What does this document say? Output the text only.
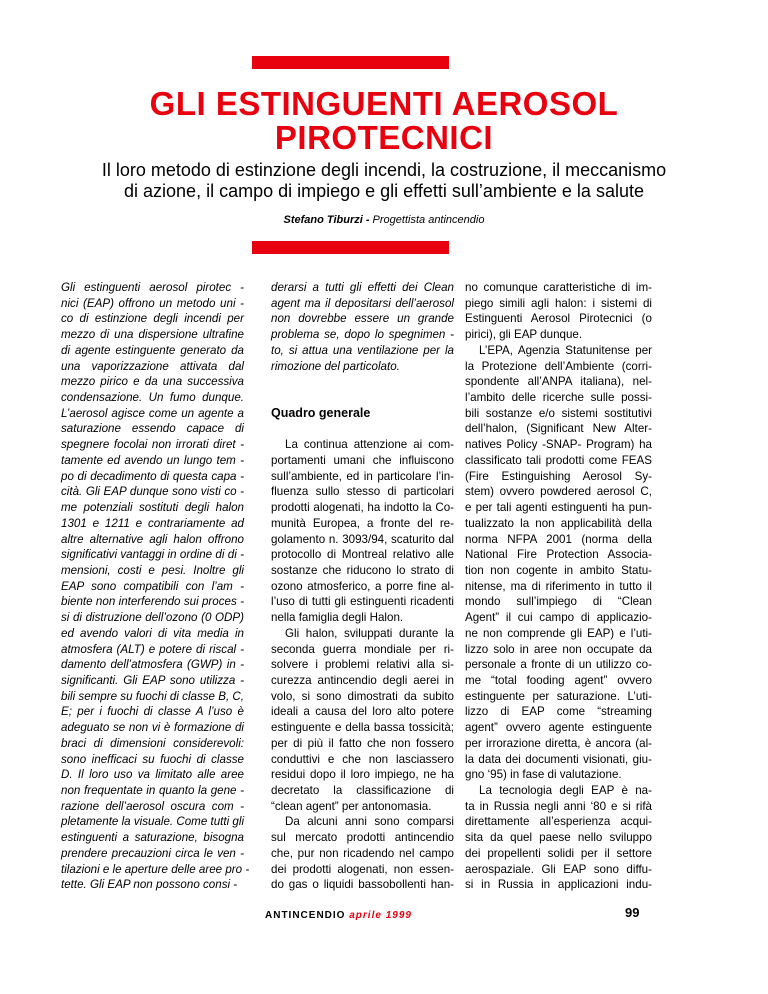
GLI ESTINGUENTI AEROSOL
PIROTECNICI

Il loro metodo di estinzione degli incendi, la costruzione, il meccanismo
di azione, il campo di impiego e gli effetti sull’ambiente e la salute

Stefano Tiburzi - Progettista antincendio
Gli estinguenti aerosol pirotec -
nici (EAP) offrono un metodo uni -
co di estinzione degli incendi per
mezzo di una dispersione ultrafine
di agente estinguente generato da
una vaporizzazione attivata dal
mezzo pirico e da una successiva
condensazione. Un fumo dunque.
L’aerosol agisce come un agente a
saturazione essendo capace di
spegnere focolai non irrorati diret -
tamente ed avendo un lungo tem -
po di decadimento di questa capa -
cità. Gli EAP dunque sono visti co -
me potenziali sostituti degli halon
1301 e 1211 e contrariamente ad
altre alternative agli halon offrono
significativi vantaggi in ordine di di -
mensioni, costi e pesi. Inoltre gli
EAP sono compatibili con l’am -
biente non interferendo sui proces -
si di distruzione dell’ozono (0 ODP)
ed avendo valori di vita media in
atmosfera (ALT) e potere di riscal -
damento dell’atmosfera (GWP) in -
significanti. Gli EAP sono utilizza -
bili sempre su fuochi di classe B, C,
E; per i fuochi di classe A l’uso è
adeguato se non vi è formazione di
braci di dimensioni considerevoli:
sono inefficaci su fuochi di classe
D. Il loro uso va limitato alle aree
non frequentate in quanto la gene -
razione dell’aerosol oscura com -
pletamente la visuale. Come tutti gli
estinguenti a saturazione, bisogna
prendere precauzioni circa le ven -
tilazioni e le aperture delle aree pro -
tette. Gli EAP non possono consi -
derarsi a tutti gli effetti dei Clean
agent ma il depositarsi dell’aerosol
non dovrebbe essere un grande
problema se, dopo lo spegnimen -
to, si attua una ventilazione per la
rimozione del particolato.
Quadro generale
La continua attenzione ai com-
portamenti umani che influiscono
sull’ambiente, ed in particolare l’in-
fluenza sullo stesso di particolari
prodotti alogenati, ha indotto la Co-
munità Europea, a fronte del re-
golamento n. 3093/94, scaturito dal
protocollo di Montreal relativo alle
sostanze che riducono lo strato di
ozono atmosferico, a porre fine al-
l’uso di tutti gli estinguenti ricadenti
nella famiglia degli Halon.
Gli halon, sviluppati durante la
seconda guerra mondiale per ri-
solvere i problemi relativi alla si-
curezza antincendio degli aerei in
volo, si sono dimostrati da subito
ideali a causa del loro alto potere
estinguente e della bassa tossicità;
per di più il fatto che non fossero
conduttivi e che non lasciassero
residui dopo il loro impiego, ne ha
decretato la classificazione di
“clean agent” per antonomasia.
Da alcuni anni sono comparsi
sul mercato prodotti antincendio
che, pur non ricadendo nel campo
dei prodotti alogenati, non essen-
do gas o liquidi bassobollenti han-
no comunque caratteristiche di im-
piego simili agli halon: i sistemi di
Estinguenti Aerosol Pirotecnici (o
pirici), gli EAP dunque.
L’EPA, Agenzia Statunitense per
la Protezione dell’Ambiente (corri-
spondente all’ANPA italiana), nel-
l’ambito delle ricerche sulle possi-
bili sostanze e/o sistemi sostitutivi
dell’halon, (Significant New Alter-
natives Policy -SNAP- Program) ha
classificato tali prodotti come FEAS
(Fire Estinguishing Aerosol Sy-
stem) ovvero powdered aerosol C,
e per tali agenti estinguenti ha pun-
tualizzato la non applicabilità della
norma NFPA 2001 (norma della
National Fire Protection Associa-
tion non cogente in ambito Statu-
nitense, ma di riferimento in tutto il
mondo sull’impiego di “Clean
Agent” il cui campo di applicazio-
ne non comprende gli EAP) e l’uti-
lizzo solo in aree non occupate da
personale a fronte di un utilizzo co-
me “total fooding agent” ovvero
estinguente per saturazione. L’uti-
lizzo di EAP come “streaming
agent” ovvero agente estinguente
per irrorazione diretta, è ancora (al-
la data dei documenti visionati, giu-
gno ‘95) in fase di valutazione.
La tecnologia degli EAP è na-
ta in Russia negli anni ‘80 e si rifà
direttamente all’esperienza acqui-
sita da quel paese nello sviluppo
dei propellenti solidi per il settore
aerospaziale. Gli EAP sono diffu-
si in Russia in applicazioni indu-
ANTINCENDIO aprile 1999	99
